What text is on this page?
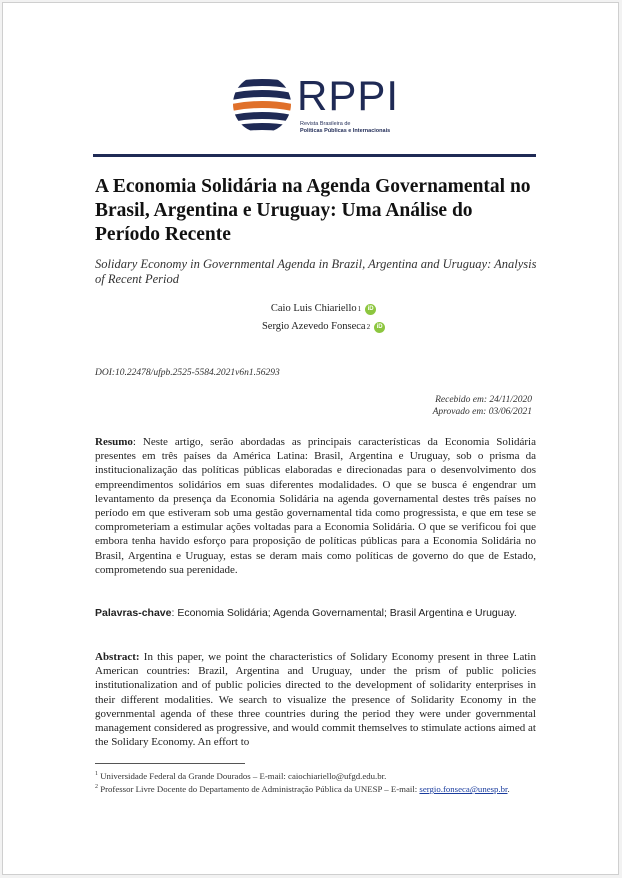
RPPI
Revista Brasileira de
Políticas Públicas e Internacionais
A Economia Solidária na Agenda Governamental no Brasil, Argentina e Uruguay: Uma Análise do Período Recente
Solidary Economy in Governmental Agenda in Brazil, Argentina and Uruguay: Analysis of Recent Period
Caio Luis Chiariello 1	iD
Sergio Azevedo Fonseca 2	iD
DOI:10.22478/ufpb.2525-5584.2021v6n1.56293
Recebido em: 24/11/2020
Aprovado em: 03/06/2021

Resumo: Neste artigo, serão abordadas as principais características da Economia Solidária presentes em três países da América Latina: Brasil, Argentina e Uruguay, sob o prisma da institucionalização das políticas públicas elaboradas e direcionadas para o desenvolvimento dos empreendimentos solidários em suas diferentes modalidades. O que se busca é engendrar um levantamento da presença da Economia Solidária na agenda governamental destes três países no período em que estiveram sob uma gestão governamental tida como progressista, e que em tese se comprometeriam a estimular ações voltadas para a Economia Solidária. O que se verificou foi que embora tenha havido esforço para proposição de políticas públicas para a Economia Solidária no Brasil, Argentina e Uruguay, estas se deram mais como políticas de governo do que de Estado, comprometendo sua perenidade.

Palavras-chave: Economia Solidária; Agenda Governamental; Brasil Argentina e Uruguay.

Abstract: In this paper, we point the characteristics of Solidary Economy present in three Latin American countries: Brazil, Argentina and Uruguay, under the prism of public policies institutionalization and of public policies directed to the development of solidarity enterprises in their different modalities. We search to visualize the presence of Solidarity Economy in the governmental agenda of these three countries during the period they were under governmental management considered as progressive, and would commit themselves to stimulate actions aimed at the Solidary Economy. An effort to

$^1$ Universidade Federal da Grande Dourados – E-mail: caiochiariello@ufgd.edu.br.
$^2$ Professor Livre Docente do Departamento de Administração Pública da UNESP – E-mail: sergio.fonseca@unesp.br.
